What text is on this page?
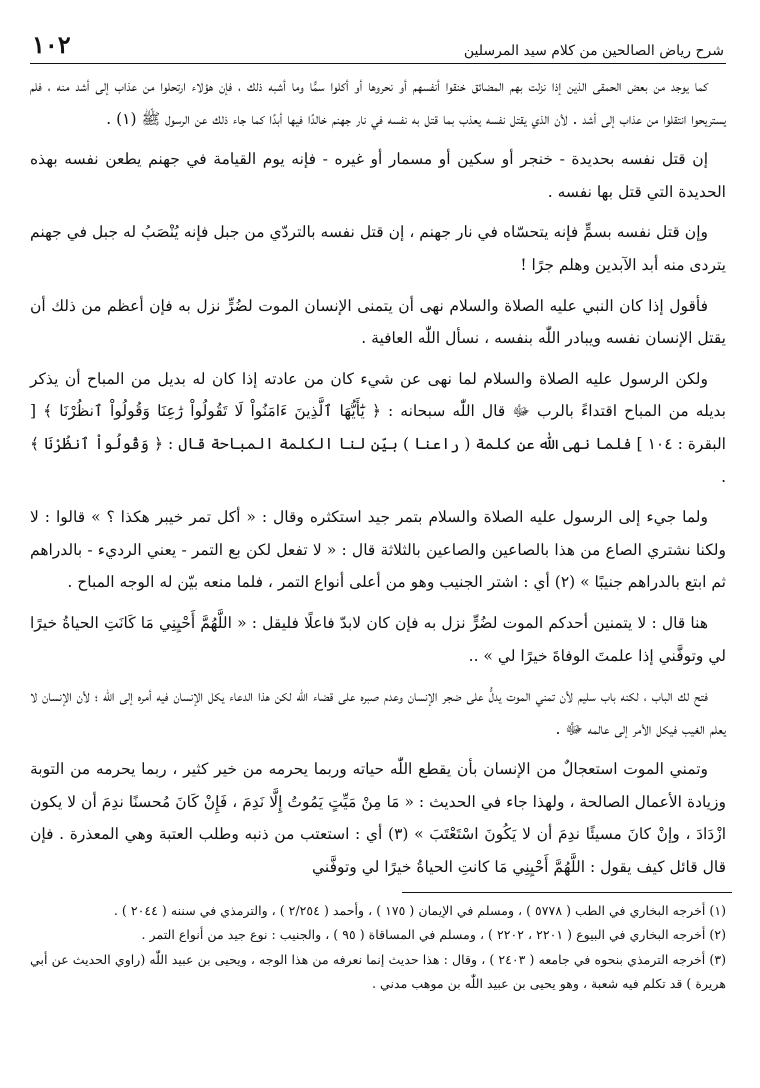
شرح رياض الصالحين من كلام سيد المرسلين
١٠٢

كما يوجد من بعض الحمقى الذين إذا نزلت بهم المضائق خنقوا أنفسهم أو نحروها أو أكلوا سمًّا وما أشبه ذلك ، فإن هؤلاء ارتحلوا من عذاب إلى أشد منه ، فلم يستريحوا انتقلوا من عذاب إلى أشد . لأن الذي يقتل نفسه يعذب بما قتل به نفسه في نار جهنم خالدًا فيها أبدًا كما جاء ذلك عن الرسول ﷺ (١) .

إن قتل نفسه بحديدة - خنجر أو سكين أو مسمار أو غيره - فإنه يوم القيامة في جهنم يطعن نفسه بهذه الحديدة التي قتل بها نفسه .

وإن قتل نفسه بسمٍّ فإنه يتحسّاه في نار جهنم ، إن قتل نفسه بالتردّي من جبل فإنه يُنْصَبُ له جبل في جهنم يتردى منه أبد الآبدين وهلم جرًا !

فأقول إذا كان النبي عليه الصلاة والسلام نهى أن يتمنى الإنسان الموت لضُرٍّ نزل به فإن أعظم من ذلك أن يقتل الإنسان نفسه ويبادر اللّٰه بنفسه ، نسأل اللّٰه العافية .

ولكن الرسول عليه الصلاة والسلام لما نهى عن شيء كان من عادته إذا كان له بديل من المباح أن يذكر بديله من المباح اقتداءً بالرب ﷻ قال اللّٰه سبحانه : ﴿ يَٰٓأَيُّهَا ٱلَّذِينَ ءَامَنُواْ لَا تَقُولُواْ رَٰعِنَا وَقُولُواْ ٱنظُرْنَا ﴾ [ البقرة : ١٠٤ ] فلما نهى اللّٰه عن كلمة ( راعنا ) بيّن لنا الكلمة المباحة قال : ﴿ وَقُولُواْ ٱنظُرْنَا ﴾ .

ولما جيء إلى الرسول عليه الصلاة والسلام بتمر جيد استكثره وقال : « أكل تمر خيبر هكذا ؟ » قالوا : لا ولكنا نشتري الصاع من هذا بالصاعين والصاعين بالثلاثة قال : « لا تفعل لكن بع التمر - يعني الرديء - بالدراهم ثم ابتع بالدراهم جنيبًا » (٢) أي : اشتر الجنيب وهو من أعلى أنواع التمر ، فلما منعه بيّن له الوجه المباح .

هنا قال : لا يتمنين أحدكم الموت لضُرٍّ نزل به فإن كان لابدّ فاعلًا فليقل : « اللَّهُمَّ أَحْيِنِي مَا كَانَتِ الحياةُ خيرًا لي وتوفَّني إذا علمتَ الوفاةَ خيرًا لي » ..

فتح لك الباب ، لكنه باب سليم لأن تمني الموت يدلُّ على ضجر الإنسان وعدم صبره على قضاء اللّٰه لكن هذا الدعاء يكل الإنسان فيه أمره إلى اللّٰه ؛ لأن الإنسان لا يعلم الغيب فيكل الأمر إلى عالمه ﷻ .

وتمني الموت استعجالٌ من الإنسان بأن يقطع اللّٰه حياته وربما يحرمه من خير كثير ، ربما يحرمه من التوبة وزيادة الأعمال الصالحة ، ولهذا جاء في الحديث : « مَا مِنْ مَيِّتٍ يَمُوتُ إِلَّا نَدِمَ ، فَإِنْ كَانَ مُحسنًا ندِمَ أن لا يكون ازْدَادَ ، وإنْ كانَ مسيئًا ندِمَ أن لا يَكُونَ اسْتَعْتَبَ » (٣) أي : استعتب من ذنبه وطلب العتبة وهي المعذرة . فإن قال قائل كيف يقول : اللَّهُمَّ أَحْيِنِي مَا كانتِ الحياةُ خيرًا لي وتوفَّني

(١) أخرجه البخاري في الطب ( ٥٧٧٨ ) ، ومسلم في الإيمان ( ١٧٥ ) ، وأحمد ( ٢/٢٥٤ ) ، والترمذي في سننه ( ٢٠٤٤ ) .

(٢) أخرجه البخاري في البيوع ( ٢٢٠١ ، ٢٢٠٢ ) ، ومسلم في المساقاة ( ٩٥ ) ، والجنيب : نوع جيد من أنواع التمر .

(٣) أخرجه الترمذي بنحوه في جامعه ( ٢٤٠٣ ) ، وقال : هذا حديث إنما نعرفه من هذا الوجه ، ويحيى بن عبيد اللّٰه (راوي الحديث عن أبي هريرة ) قد تكلم فيه شعبة ، وهو يحيى بن عبيد اللّٰه بن موهب مدني .
